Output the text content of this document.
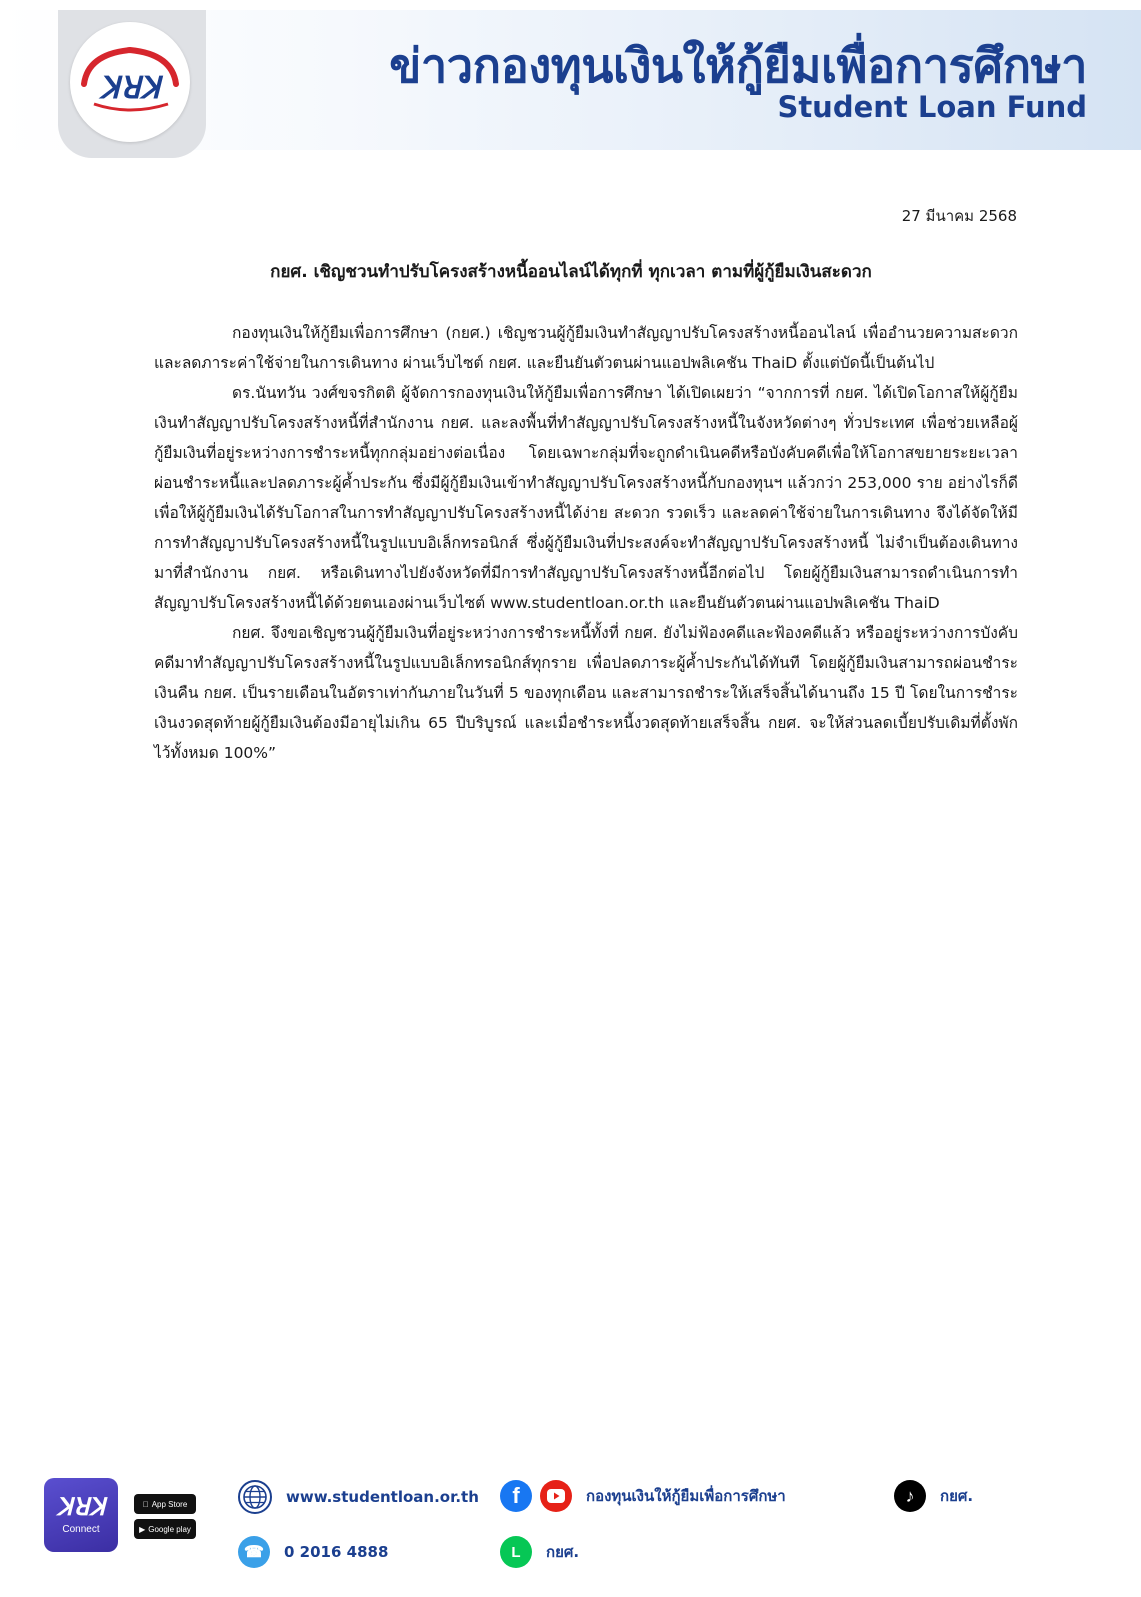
ꓘꓤꓘ	ข่าวกองทุนเงินให้กู้ยืมเพื่อการศึกษา
Student Loan Fund
27 มีนาคม 2568
กยศ. เชิญชวนทำปรับโครงสร้างหนี้ออนไลน์ได้ทุกที่ ทุกเวลา ตามที่ผู้กู้ยืมเงินสะดวก

กองทุนเงินให้กู้ยืมเพื่อการศึกษา (กยศ.) เชิญชวนผู้กู้ยืมเงินทำสัญญาปรับโครงสร้างหนี้ออนไลน์ เพื่ออำนวยความสะดวกและลดภาระค่าใช้จ่ายในการเดินทาง ผ่านเว็บไซต์ กยศ. และยืนยันตัวตนผ่านแอปพลิเคชัน ThaiD ตั้งแต่บัดนี้เป็นต้นไป

ดร.นันทวัน วงศ์ขจรกิตติ ผู้จัดการกองทุนเงินให้กู้ยืมเพื่อการศึกษา ได้เปิดเผยว่า “จากการที่ กยศ. ได้เปิดโอกาสให้ผู้กู้ยืมเงินทำสัญญาปรับโครงสร้างหนี้ที่สำนักงาน กยศ. และลงพื้นที่ทำสัญญาปรับโครงสร้างหนี้ในจังหวัดต่างๆ ทั่วประเทศ เพื่อช่วยเหลือผู้กู้ยืมเงินที่อยู่ระหว่างการชำระหนี้ทุกกลุ่มอย่างต่อเนื่อง โดยเฉพาะกลุ่มที่จะถูกดำเนินคดีหรือบังคับคดีเพื่อให้โอกาสขยายระยะเวลาผ่อนชำระหนี้และปลดภาระผู้ค้ำประกัน ซึ่งมีผู้กู้ยืมเงินเข้าทำสัญญาปรับโครงสร้างหนี้กับกองทุนฯ แล้วกว่า 253,000 ราย อย่างไรก็ดี เพื่อให้ผู้กู้ยืมเงินได้รับโอกาสในการทำสัญญาปรับโครงสร้างหนี้ได้ง่าย สะดวก รวดเร็ว และลดค่าใช้จ่ายในการเดินทาง จึงได้จัดให้มีการทำสัญญาปรับโครงสร้างหนี้ในรูปแบบอิเล็กทรอนิกส์ ซึ่งผู้กู้ยืมเงินที่ประสงค์จะทำสัญญาปรับโครงสร้างหนี้ ไม่จำเป็นต้องเดินทางมาที่สำนักงาน กยศ. หรือเดินทางไปยังจังหวัดที่มีการทำสัญญาปรับโครงสร้างหนี้อีกต่อไป โดยผู้กู้ยืมเงินสามารถดำเนินการทำสัญญาปรับโครงสร้างหนี้ได้ด้วยตนเองผ่านเว็บไซต์ www.studentloan.or.th และยืนยันตัวตนผ่านแอปพลิเคชัน ThaiD

กยศ. จึงขอเชิญชวนผู้กู้ยืมเงินที่อยู่ระหว่างการชำระหนี้ทั้งที่ กยศ. ยังไม่ฟ้องคดีและฟ้องคดีแล้ว หรืออยู่ระหว่างการบังคับคดีมาทำสัญญาปรับโครงสร้างหนี้ในรูปแบบอิเล็กทรอนิกส์ทุกราย เพื่อปลดภาระผู้ค้ำประกันได้ทันที โดยผู้กู้ยืมเงินสามารถผ่อนชำระเงินคืน กยศ. เป็นรายเดือนในอัตราเท่ากันภายในวันที่ 5 ของทุกเดือน และสามารถชำระให้เสร็จสิ้นได้นานถึง 15 ปี โดยในการชำระเงินงวดสุดท้ายผู้กู้ยืมเงินต้องมีอายุไม่เกิน 65 ปีบริบูรณ์ และเมื่อชำระหนี้งวดสุดท้ายเสร็จสิ้น กยศ. จะให้ส่วนลดเบี้ยปรับเดิมที่ตั้งพักไว้ทั้งหมด 100%”

ꓘꓤꓘ
Connect
App Store
▶ Google play
www.studentloan.or.th	f	กองทุนเงินให้กู้ยืมเพื่อการศึกษา	♪	กยศ.
☎	0 2016 4888	L	กยศ.
